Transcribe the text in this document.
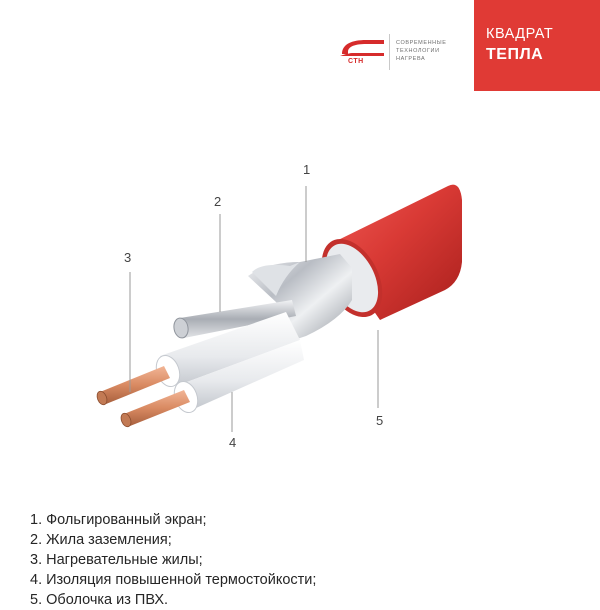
СТН
СОВРЕМЕННЫЕ
ТЕХНОЛОГИИ
НАГРЕВА
КВАДРАТ
ТЕПЛА
1
2
3
4
5
1. Фольгированный экран;
2. Жила заземления;
3. Нагревательные жилы;
4. Изоляция повышенной термостойкости;
5. Оболочка из ПВХ.
